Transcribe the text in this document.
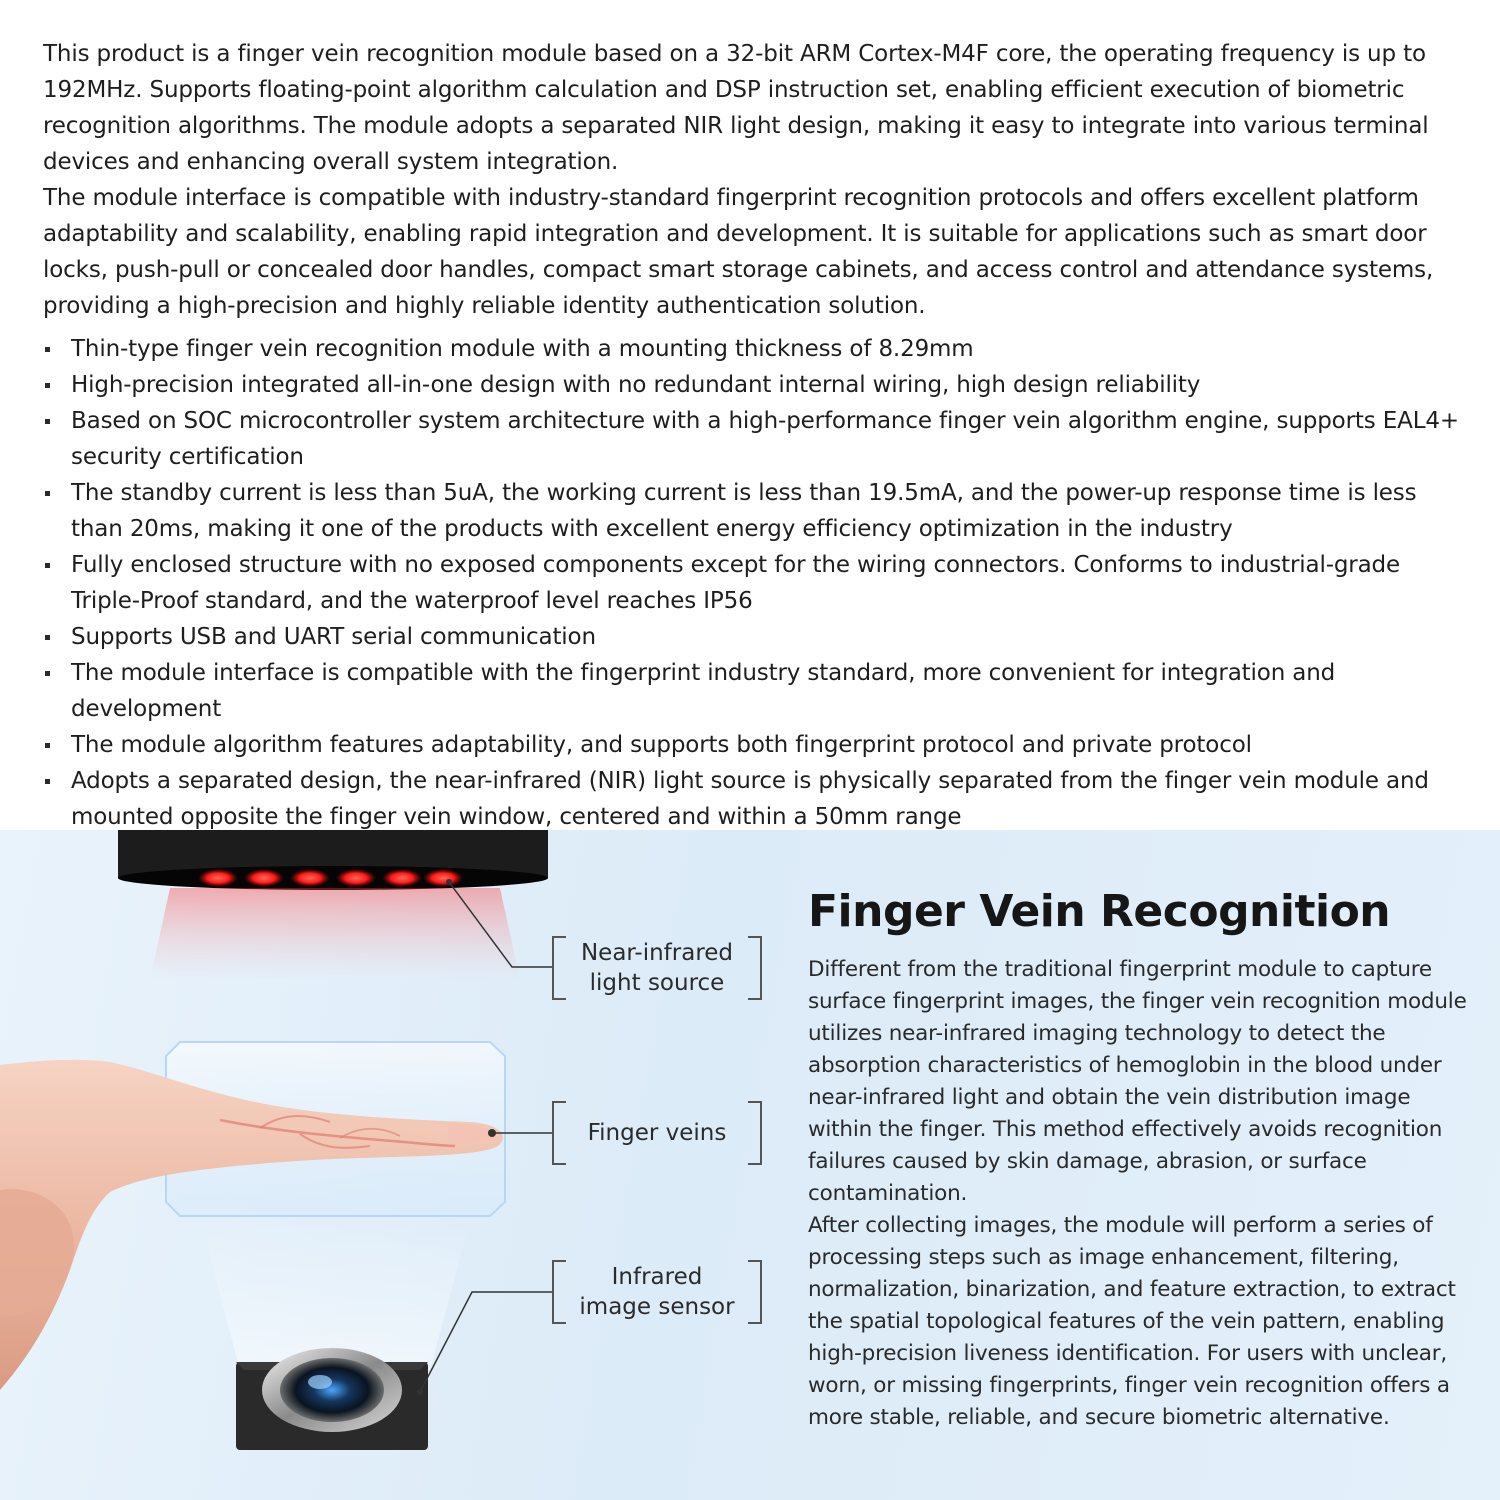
This product is a finger vein recognition module based on a 32-bit ARM Cortex-M4F core, the operating frequency is up to 192MHz. Supports floating-point algorithm calculation and DSP instruction set, enabling efficient execution of biometric recognition algorithms. The module adopts a separated NIR light design, making it easy to integrate into various terminal devices and enhancing overall system integration.

The module interface is compatible with industry-standard fingerprint recognition protocols and offers excellent platform adaptability and scalability, enabling rapid integration and development. It is suitable for applications such as smart door locks, push-pull or concealed door handles, compact smart storage cabinets, and access control and attendance systems, providing a high-precision and highly reliable identity authentication solution.

Thin-type finger vein recognition module with a mounting thickness of 8.29mm
High-precision integrated all-in-one design with no redundant internal wiring, high design reliability
Based on SOC microcontroller system architecture with a high-performance finger vein algorithm engine, supports EAL4+ security certification
The standby current is less than 5uA, the working current is less than 19.5mA, and the power-up response time is less than 20ms, making it one of the products with excellent energy efficiency optimization in the industry
Fully enclosed structure with no exposed components except for the wiring connectors. Conforms to industrial-grade Triple-Proof standard, and the waterproof level reaches IP56
Supports USB and UART serial communication
The module interface is compatible with the fingerprint industry standard, more convenient for integration and development
The module algorithm features adaptability, and supports both fingerprint protocol and private protocol
Adopts a separated design, the near-infrared (NIR) light source is physically separated from the finger vein module and mounted opposite the finger vein window, centered and within a 50mm range
Near-infrared light source
Finger veins
Infrared image sensor
Finger Vein Recognition

Different from the traditional fingerprint module to capture surface fingerprint images, the finger vein recognition module utilizes near-infrared imaging technology to detect the absorption characteristics of hemoglobin in the blood under near-infrared light and obtain the vein distribution image within the finger. This method effectively avoids recognition failures caused by skin damage, abrasion, or surface contamination.

After collecting images, the module will perform a series of processing steps such as image enhancement, filtering, normalization, binarization, and feature extraction, to extract the spatial topological features of the vein pattern, enabling high-precision liveness identification. For users with unclear, worn, or missing fingerprints, finger vein recognition offers a more stable, reliable, and secure biometric alternative.
